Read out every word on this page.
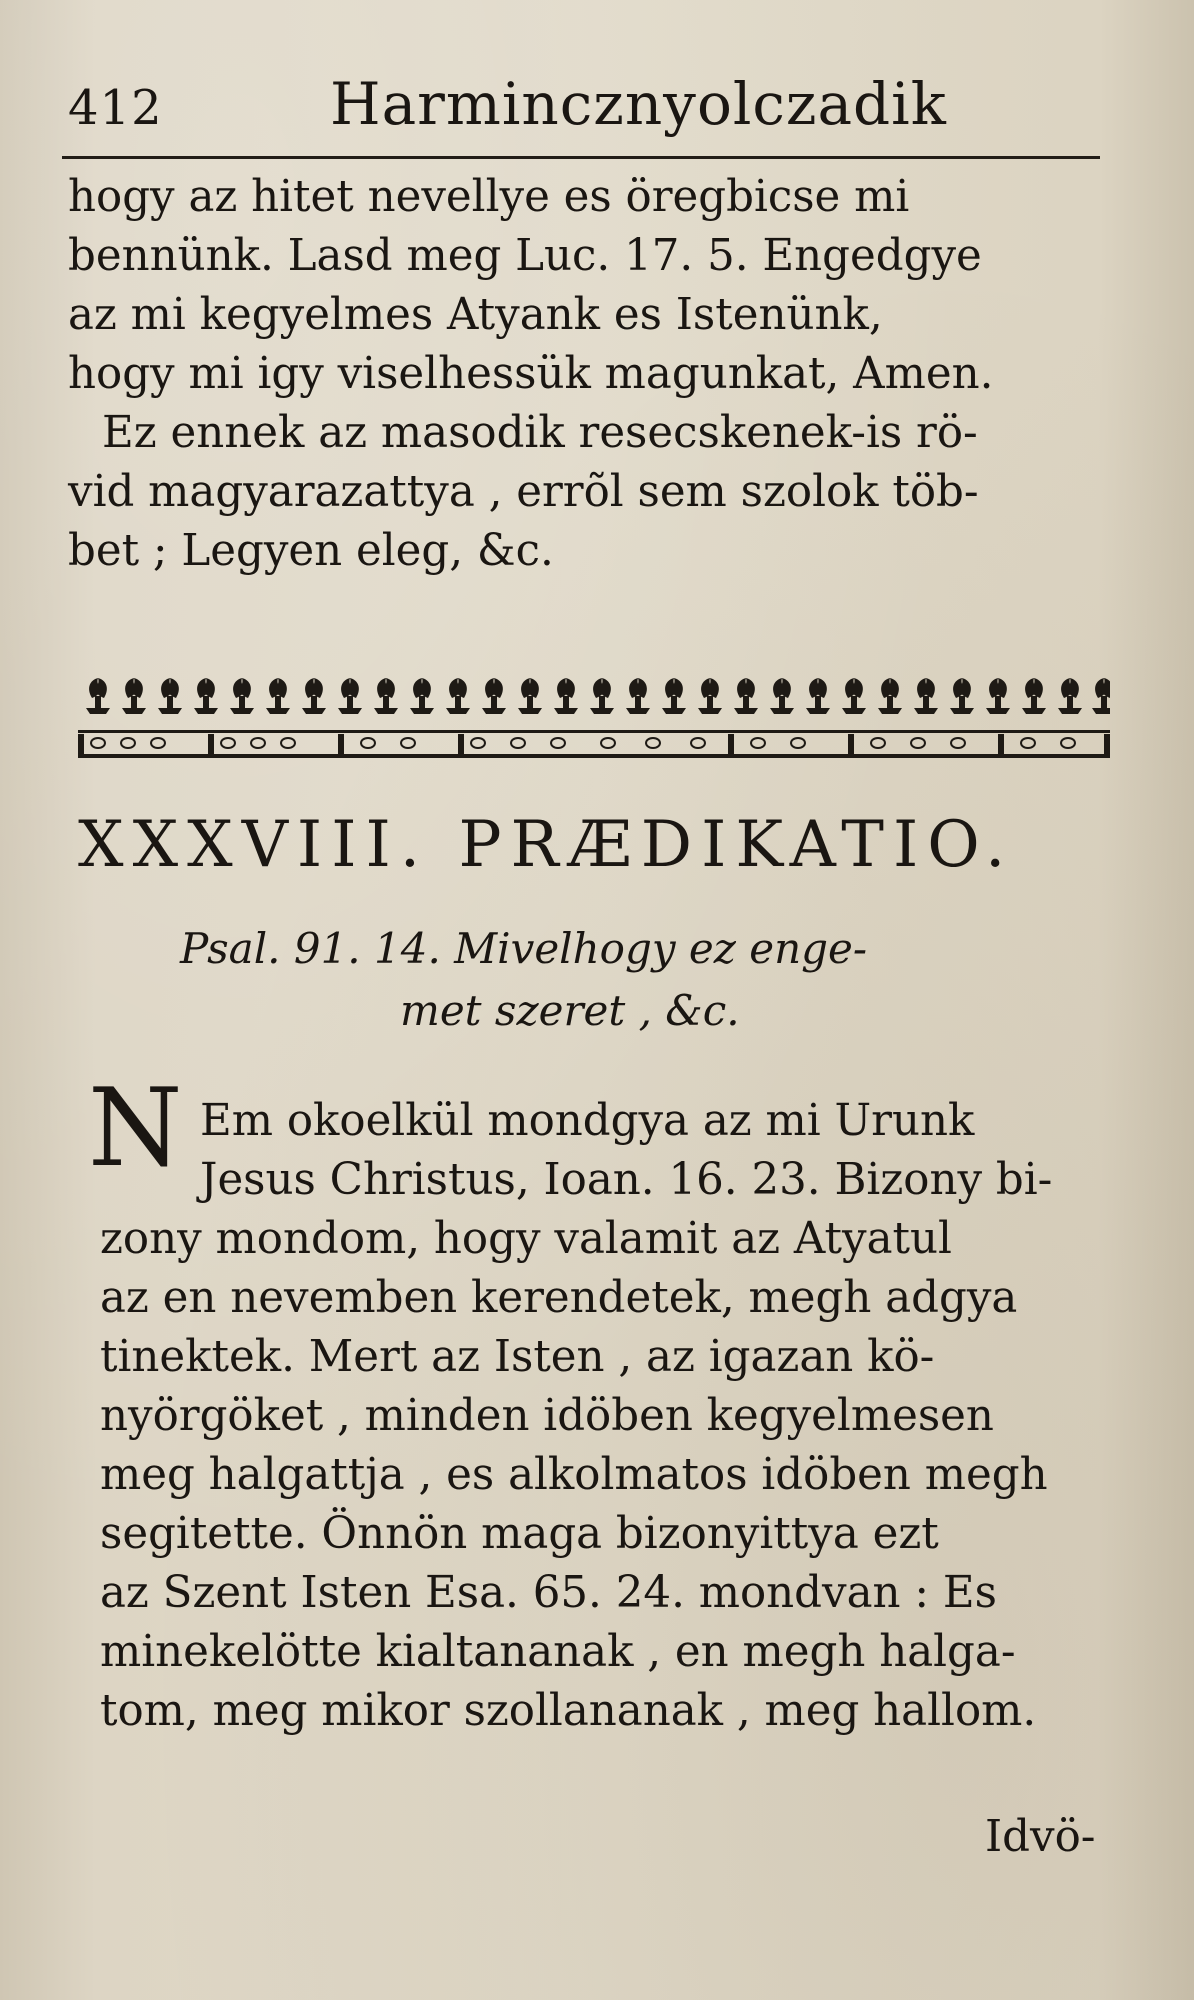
412	Harmincznyolczadik
hogy az hitet nevellye es öregbicse mi
bennünk. Lasd meg Luc. 17. 5. Engedgye
az mi kegyelmes Atyank es Istenünk,
hogy mi igy viselhessük magunkat, Amen.
Ez ennek az masodik resecskenek-is rö-
vid magyarazattya , errõl sem szolok töb-
bet ; Legyen eleg, &c.
XXXVIII. PRÆDIKATIO.
Psal. 91. 14. Mivelhogy ez enge-
met szeret , &c.
N Em okoelkül mondgya az mi Urunk
Jesus Christus, Ioan. 16. 23. Bizony bi-
zony mondom, hogy valamit az Atyatul
az en nevemben kerendetek, megh adgya
tinektek. Mert az Isten , az igazan kö-
nyörgöket , minden idöben kegyelmesen
meg halgattja , es alkolmatos idöben megh
segitette. Önnön maga bizonyittya ezt
az Szent Isten Esa. 65. 24. mondvan : Es
minekelötte kialtananak , en megh halga-
tom, meg mikor szollananak , meg hallom.
Idvö-
